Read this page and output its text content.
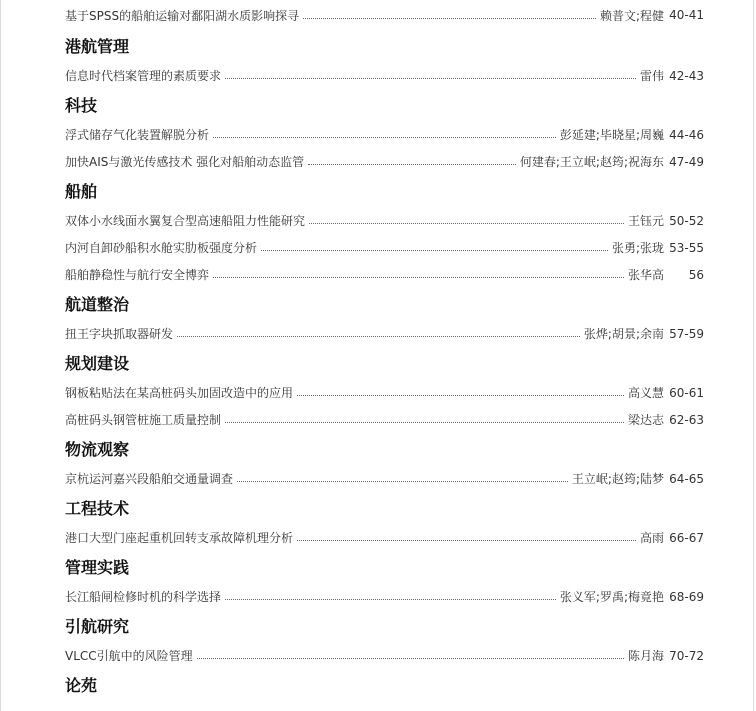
基于SPSS的船舶运输对鄱阳湖水质影响探寻	赖普文;程健 40-41
港航管理
信息时代档案管理的素质要求	雷伟 42-43
科技
浮式储存气化装置解脱分析	彭延建;毕晓星;周巍 44-46
加快AIS与激光传感技术 强化对船舶动态监管	何建春;王立岷;赵筠;祝海东 47-49
船舶
双体小水线面水翼复合型高速船阻力性能研究	王钰元 50-52
内河自卸砂船积水舱实肋板强度分析	张勇;张珑 53-55
船舶静稳性与航行安全博弈	张华高	56
航道整治
扭王字块抓取器研发	张烨;胡景;余南 57-59
规划建设
钢板粘贴法在某高桩码头加固改造中的应用	高义慧 60-61
高桩码头钢管桩施工质量控制	梁达志 62-63
物流观察
京杭运河嘉兴段船舶交通量调查	王立岷;赵筠;陆梦 64-65
工程技术
港口大型门座起重机回转支承故障机理分析	高雨 66-67
管理实践
长江船闸检修时机的科学选择	张义军;罗禹;梅竟艳 68-69
引航研究
VLCC引航中的风险管理	陈月海 70-72
论苑
